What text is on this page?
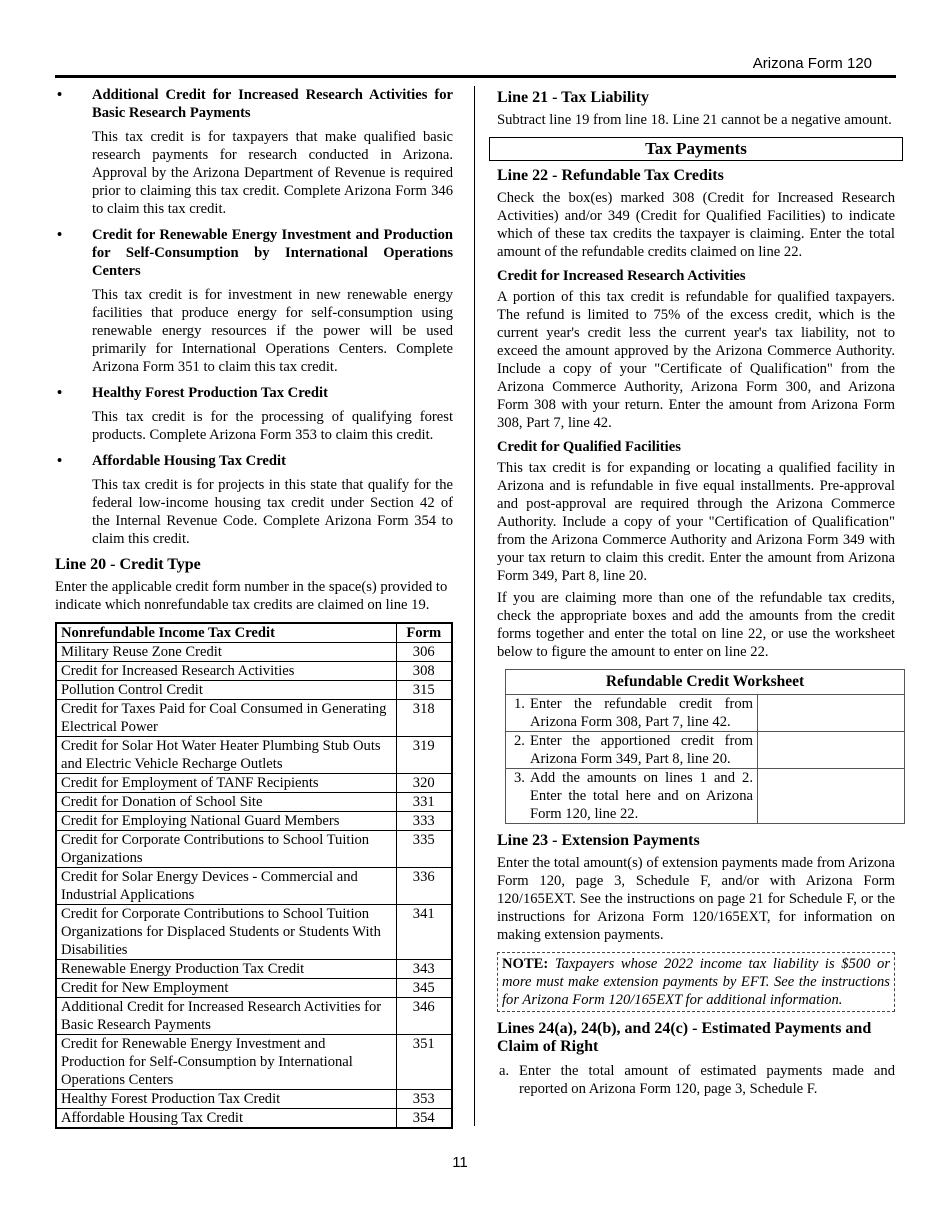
Arizona Form 120
• Additional Credit for Increased Research Activities for Basic Research Payments

This tax credit is for taxpayers that make qualified basic research payments for research conducted in Arizona. Approval by the Arizona Department of Revenue is required prior to claiming this tax credit. Complete Arizona Form 346 to claim this tax credit.

• Credit for Renewable Energy Investment and Production for Self-Consumption by International Operations Centers

This tax credit is for investment in new renewable energy facilities that produce energy for self-consumption using renewable energy resources if the power will be used primarily for International Operations Centers. Complete Arizona Form 351 to claim this tax credit.

• Healthy Forest Production Tax Credit

This tax credit is for the processing of qualifying forest products. Complete Arizona Form 353 to claim this credit.

• Affordable Housing Tax Credit

This tax credit is for projects in this state that qualify for the federal low-income housing tax credit under Section 42 of the Internal Revenue Code. Complete Arizona Form 354 to claim this credit.

Line 20 - Credit Type

Enter the applicable credit form number in the space(s) provided to indicate which nonrefundable tax credits are claimed on line 19.

Nonrefundable Income Tax Credit	Form
Military Reuse Zone Credit	306
Credit for Increased Research Activities	308
Pollution Control Credit	315
Credit for Taxes Paid for Coal Consumed in Generating Electrical Power	318
Credit for Solar Hot Water Heater Plumbing Stub Outs and Electric Vehicle Recharge Outlets	319
Credit for Employment of TANF Recipients	320
Credit for Donation of School Site	331
Credit for Employing National Guard Members	333
Credit for Corporate Contributions to School Tuition Organizations	335
Credit for Solar Energy Devices - Commercial and Industrial Applications	336
Credit for Corporate Contributions to School Tuition Organizations for Displaced Students or Students With Disabilities	341
Renewable Energy Production Tax Credit	343
Credit for New Employment	345
Additional Credit for Increased Research Activities for Basic Research Payments	346
Credit for Renewable Energy Investment and Production for Self-Consumption by International Operations Centers	351
Healthy Forest Production Tax Credit	353
Affordable Housing Tax Credit	354
Line 21 - Tax Liability

Subtract line 19 from line 18. Line 21 cannot be a negative amount.

Tax Payments
Line 22 - Refundable Tax Credits

Check the box(es) marked 308 (Credit for Increased Research Activities) and/or 349 (Credit for Qualified Facilities) to indicate which of these tax credits the taxpayer is claiming. Enter the total amount of the refundable credits claimed on line 22.

Credit for Increased Research Activities

A portion of this tax credit is refundable for qualified taxpayers. The refund is limited to 75% of the excess credit, which is the current year's credit less the current year's tax liability, not to exceed the amount approved by the Arizona Commerce Authority. Include a copy of your "Certificate of Qualification" from the Arizona Commerce Authority, Arizona Form 300, and Arizona Form 308 with your return. Enter the amount from Arizona Form 308, Part 7, line 42.

Credit for Qualified Facilities

This tax credit is for expanding or locating a qualified facility in Arizona and is refundable in five equal installments. Pre-approval and post-approval are required through the Arizona Commerce Authority. Include a copy of your "Certification of Qualification" from the Arizona Commerce Authority and Arizona Form 349 with your tax return to claim this credit. Enter the amount from Arizona Form 349, Part 8, line 20.

If you are claiming more than one of the refundable tax credits, check the appropriate boxes and add the amounts from the credit forms together and enter the total on line 22, or use the worksheet below to figure the amount to enter on line 22.

Refundable Credit Worksheet	

1. Enter the refundable credit from Arizona Form 308, Part 7, line 42.	

2. Enter the apportioned credit from Arizona Form 349, Part 8, line 20.	

3. Add the amounts on lines 1 and 2. Enter the total here and on Arizona Form 120, line 22.	

Line 23 - Extension Payments

Enter the total amount(s) of extension payments made from Arizona Form 120, page 3, Schedule F, and/or with Arizona Form 120/165EXT. See the instructions on page 21 for Schedule F, or the instructions for Arizona Form 120/165EXT, for information on making extension payments.

NOTE: Taxpayers whose 2022 income tax liability is $500 or more must make extension payments by EFT. See the instructions for Arizona Form 120/165EXT for additional information.

Lines 24(a), 24(b), and 24(c) - Estimated Payments and Claim of Right
a. Enter the total amount of estimated payments made and reported on Arizona Form 120, page 3, Schedule F.

11
